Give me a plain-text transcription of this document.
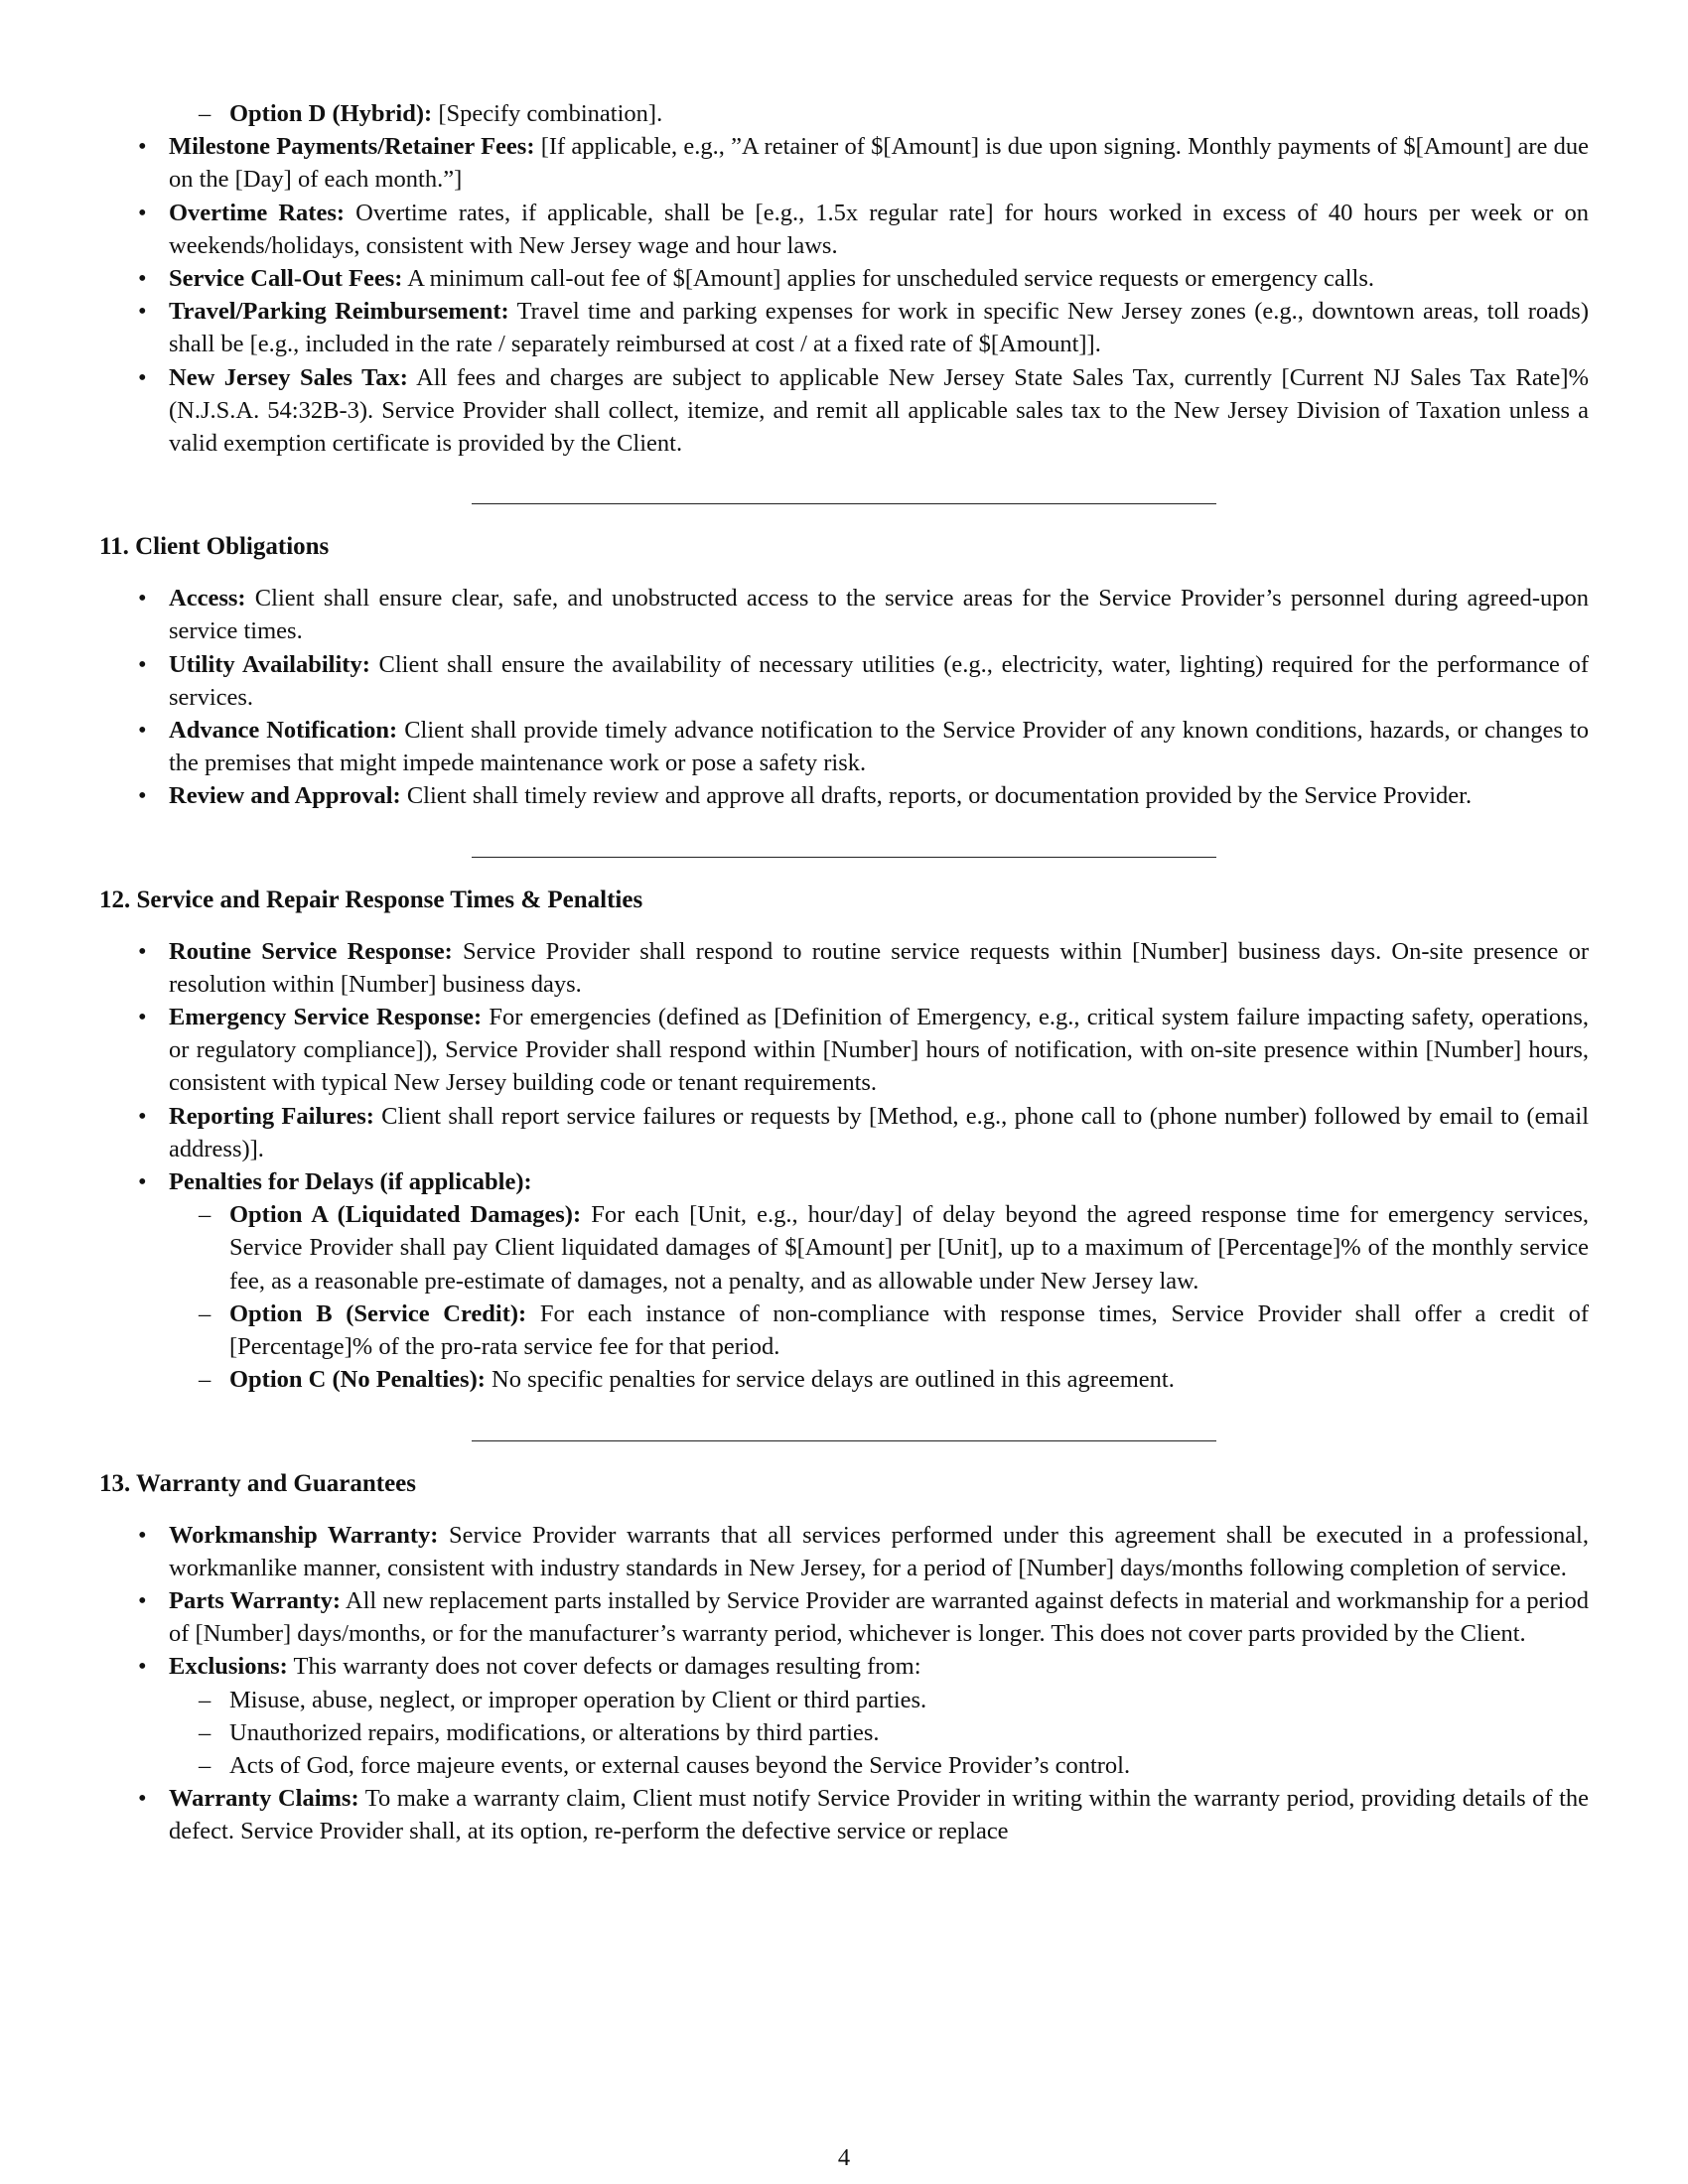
– Option D (Hybrid): [Specify combination].
• Milestone Payments/Retainer Fees: [If applicable, e.g., ”A retainer of $[Amount] is due upon signing. Monthly payments of $[Amount] are due on the [Day] of each month.”]
• Overtime Rates: Overtime rates, if applicable, shall be [e.g., 1.5x regular rate] for hours worked in excess of 40 hours per week or on weekends/holidays, consistent with New Jersey wage and hour laws.
• Service Call-Out Fees: A minimum call-out fee of $[Amount] applies for unscheduled service requests or emergency calls.
• Travel/Parking Reimbursement: Travel time and parking expenses for work in specific New Jersey zones (e.g., downtown areas, toll roads) shall be [e.g., included in the rate / separately reimbursed at cost / at a fixed rate of $[Amount]].
• New Jersey Sales Tax: All fees and charges are subject to applicable New Jersey State Sales Tax, currently [Current NJ Sales Tax Rate]% (N.J.S.A. 54:32B-3). Service Provider shall collect, itemize, and remit all applicable sales tax to the New Jersey Division of Taxation unless a valid exemption certificate is provided by the Client.
11. Client Obligations
• Access: Client shall ensure clear, safe, and unobstructed access to the service areas for the Service Provider’s personnel during agreed-upon service times.
• Utility Availability: Client shall ensure the availability of necessary utilities (e.g., electricity, water, lighting) required for the performance of services.
• Advance Notification: Client shall provide timely advance notification to the Service Provider of any known conditions, hazards, or changes to the premises that might impede maintenance work or pose a safety risk.
• Review and Approval: Client shall timely review and approve all drafts, reports, or documentation provided by the Service Provider.
12. Service and Repair Response Times & Penalties
• Routine Service Response: Service Provider shall respond to routine service requests within [Number] business days. On-site presence or resolution within [Number] business days.
• Emergency Service Response: For emergencies (defined as [Definition of Emergency, e.g., critical system failure impacting safety, operations, or regulatory compliance]), Service Provider shall respond within [Number] hours of notification, with on-site presence within [Number] hours, consistent with typical New Jersey building code or tenant requirements.
• Reporting Failures: Client shall report service failures or requests by [Method, e.g., phone call to (phone number) followed by email to (email address)].
• Penalties for Delays (if applicable):
– Option A (Liquidated Damages): For each [Unit, e.g., hour/day] of delay beyond the agreed response time for emergency services, Service Provider shall pay Client liquidated damages of $[Amount] per [Unit], up to a maximum of [Percentage]% of the monthly service fee, as a reasonable pre-estimate of damages, not a penalty, and as allowable under New Jersey law.
– Option B (Service Credit): For each instance of non-compliance with response times, Service Provider shall offer a credit of [Percentage]% of the pro-rata service fee for that period.
– Option C (No Penalties): No specific penalties for service delays are outlined in this agreement.
13. Warranty and Guarantees
• Workmanship Warranty: Service Provider warrants that all services performed under this agreement shall be executed in a professional, workmanlike manner, consistent with industry standards in New Jersey, for a period of [Number] days/months following completion of service.
• Parts Warranty: All new replacement parts installed by Service Provider are warranted against defects in material and workmanship for a period of [Number] days/months, or for the manufacturer’s warranty period, whichever is longer. This does not cover parts provided by the Client.
• Exclusions: This warranty does not cover defects or damages resulting from:
– Misuse, abuse, neglect, or improper operation by Client or third parties.
– Unauthorized repairs, modifications, or alterations by third parties.
– Acts of God, force majeure events, or external causes beyond the Service Provider’s control.
• Warranty Claims: To make a warranty claim, Client must notify Service Provider in writing within the warranty period, providing details of the defect. Service Provider shall, at its option, re-perform the defective service or replace
4
